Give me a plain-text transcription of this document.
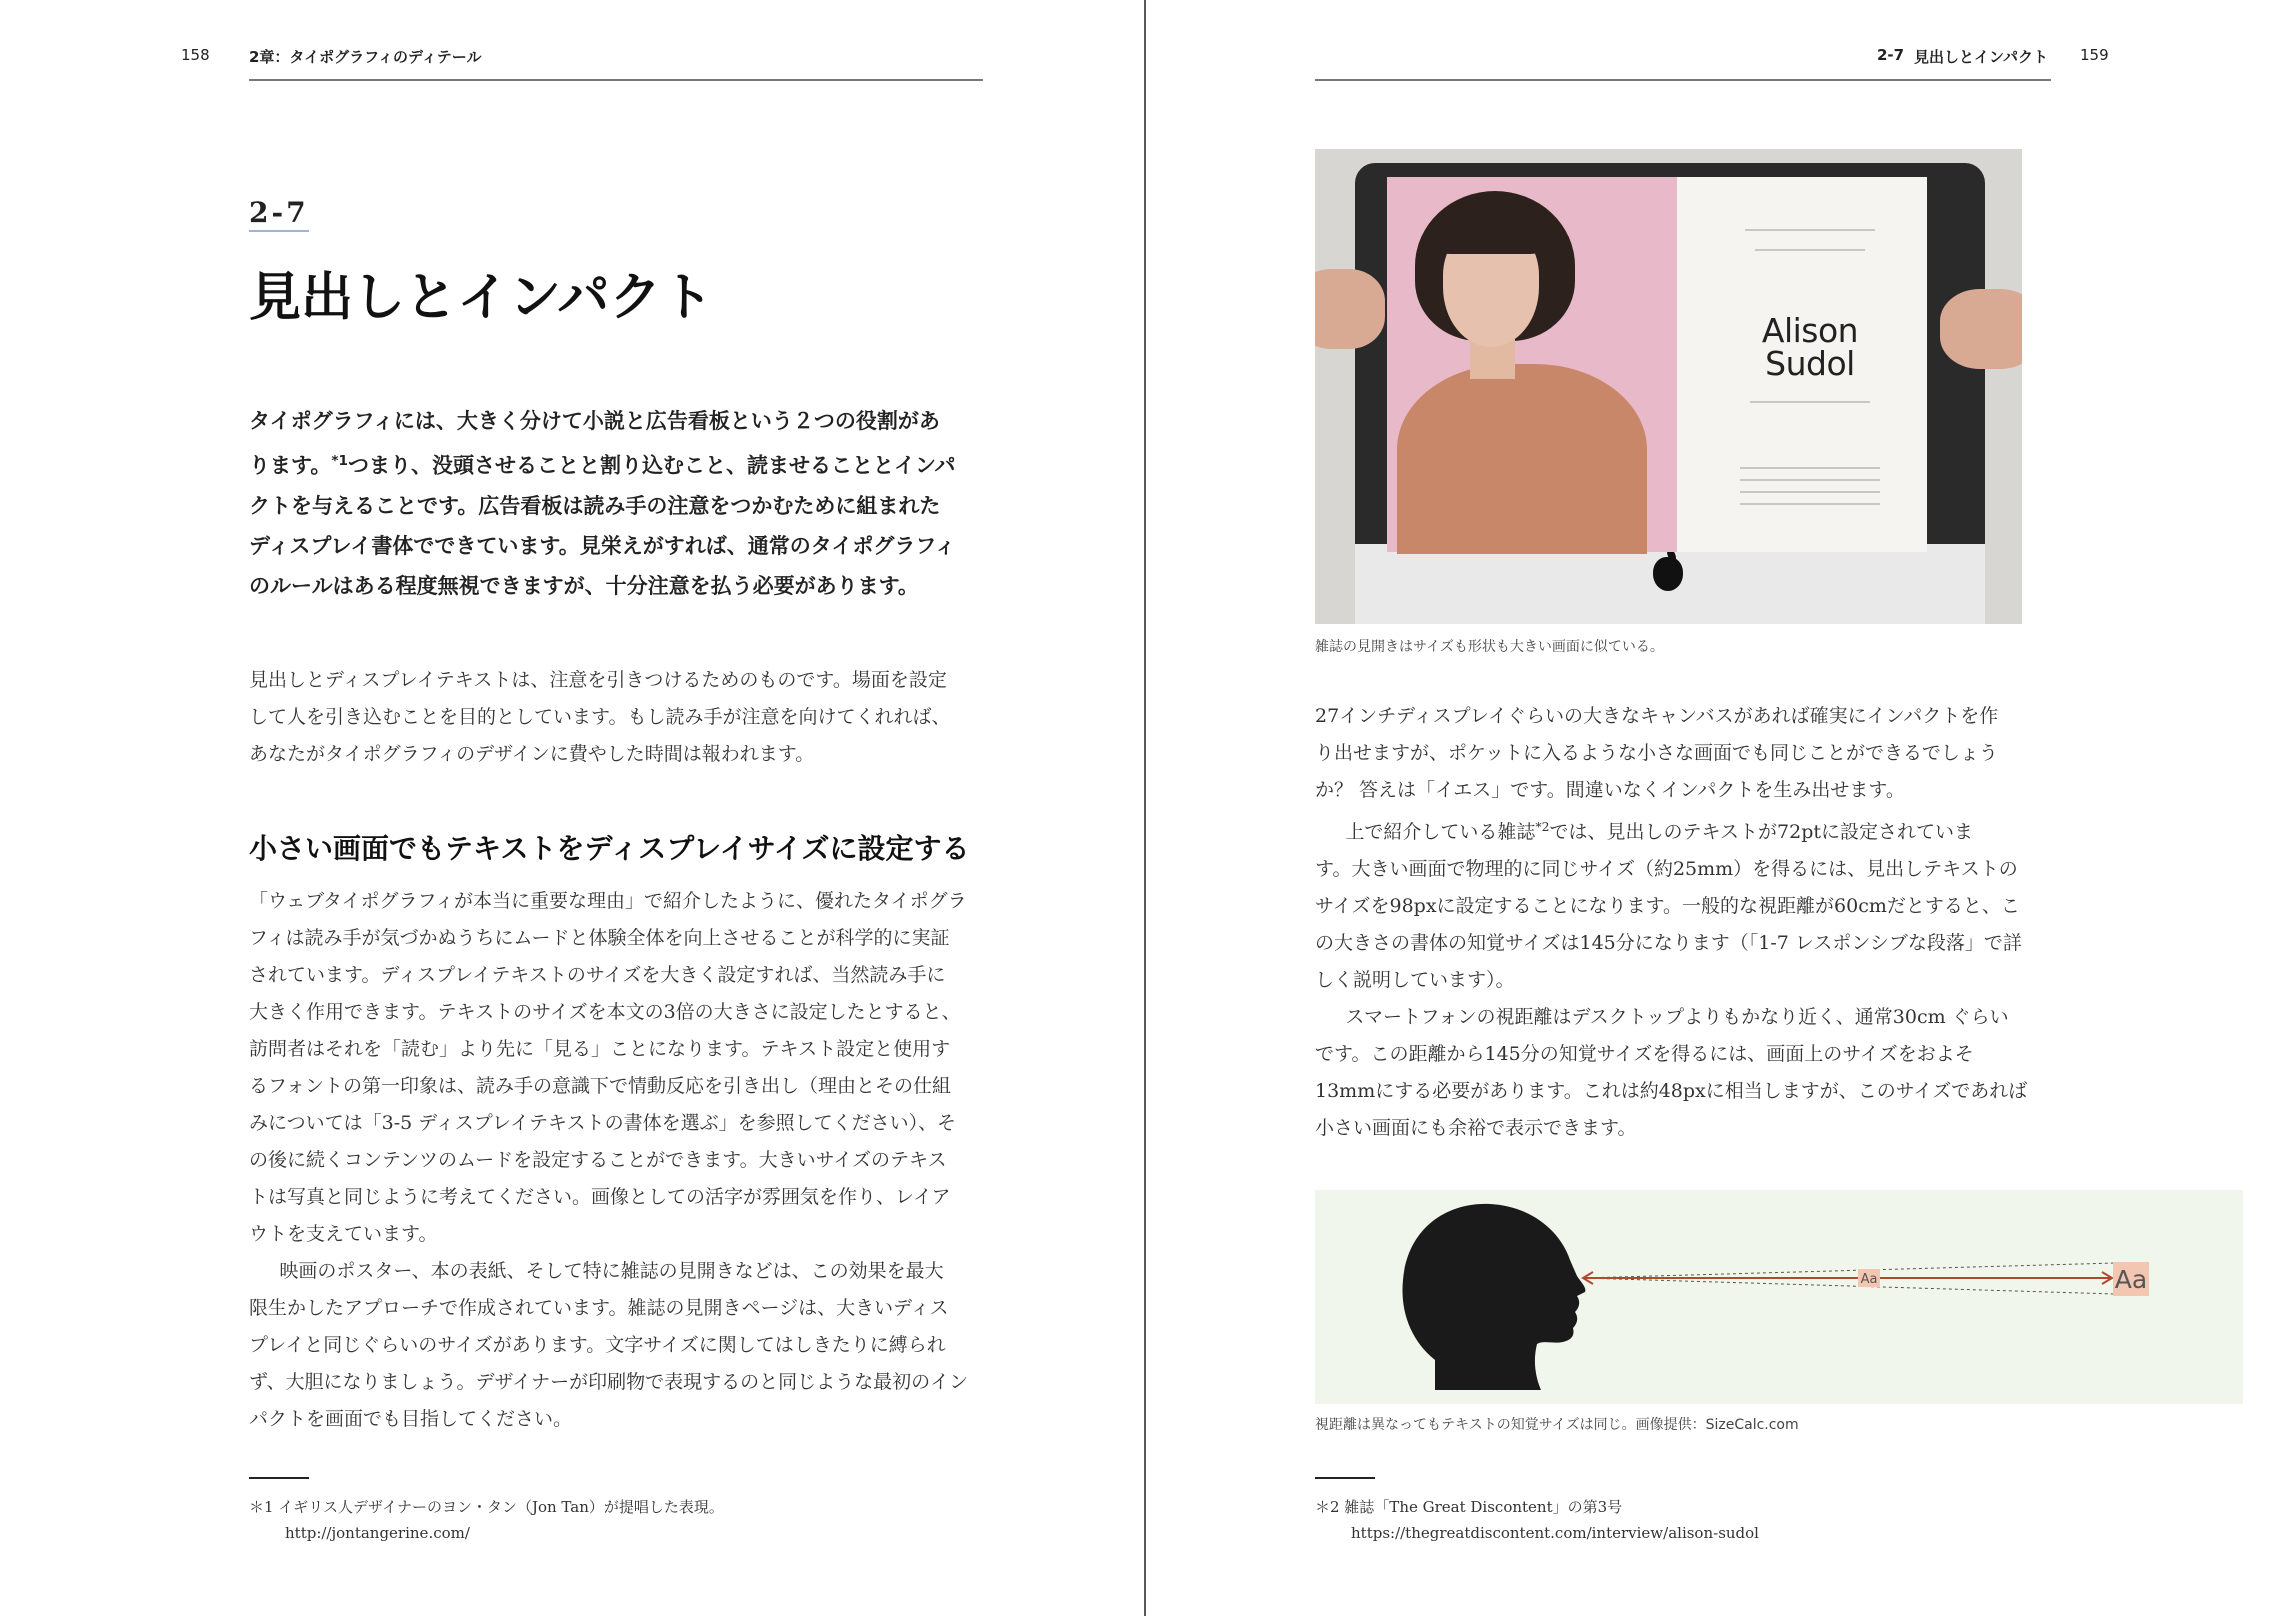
158	2章：タイポグラフィのディテール
2-7
見出しとインパクト
タイポグラフィには、大きく分けて小説と広告看板という２つの役割があ
ります。$^{*1}$つまり、没頭させることと割り込むこと、読ませることとインパ
クトを与えることです。広告看板は読み手の注意をつかむために組まれた
ディスプレイ書体でできています。見栄えがすれば、通常のタイポグラフィ
のルールはある程度無視できますが、十分注意を払う必要があります。
見出しとディスプレイテキストは、注意を引きつけるためのものです。場面を設定
して人を引き込むことを目的としています。もし読み手が注意を向けてくれれば、
あなたがタイポグラフィのデザインに費やした時間は報われます。
小さい画面でもテキストをディスプレイサイズに設定する
「ウェブタイポグラフィが本当に重要な理由」で紹介したように、優れたタイポグラ
フィは読み手が気づかぬうちにムードと体験全体を向上させることが科学的に実証
されています。ディスプレイテキストのサイズを大きく設定すれば、当然読み手に
大きく作用できます。テキストのサイズを本文の3倍の大きさに設定したとすると、
訪問者はそれを「読む」より先に「見る」ことになります。テキスト設定と使用す
るフォントの第一印象は、読み手の意識下で情動反応を引き出し（理由とその仕組
みについては「3-5 ディスプレイテキストの書体を選ぶ」を参照してください）、そ
の後に続くコンテンツのムードを設定することができます。大きいサイズのテキス
トは写真と同じように考えてください。画像としての活字が雰囲気を作り、レイア
ウトを支えています。
映画のポスター、本の表紙、そして特に雑誌の見開きなどは、この効果を最大
限生かしたアプローチで作成されています。雑誌の見開きページは、大きいディス
プレイと同じぐらいのサイズがあります。文字サイズに関してはしきたりに縛られ
ず、大胆になりましょう。デザイナーが印刷物で表現するのと同じような最初のイン
パクトを画面でも目指してください。
＊1 イギリス人デザイナーのヨン・タン（Jon Tan）が提唱した表現。
http://jontangerine.com/
2-7 見出しとインパクト 159
Alison
Sudol
雑誌の見開きはサイズも形状も大きい画面に似ている。
27インチディスプレイぐらいの大きなキャンバスがあれば確実にインパクトを作
り出せますが、ポケットに入るような小さな画面でも同じことができるでしょう
か？ 答えは「イエス」です。間違いなくインパクトを生み出せます。
上で紹介している雑誌$^{*2}$では、見出しのテキストが72ptに設定されていま
す。大きい画面で物理的に同じサイズ（約25mm）を得るには、見出しテキストの
サイズを98pxに設定することになります。一般的な視距離が60cmだとすると、こ
の大きさの書体の知覚サイズは145分になります（「1-7 レスポンシブな段落」で詳
しく説明しています）。
スマートフォンの視距離はデスクトップよりもかなり近く、通常30cm ぐらい
です。この距離から145分の知覚サイズを得るには、画面上のサイズをおよそ
13mmにする必要があります。これは約48pxに相当しますが、このサイズであれば
小さい画面にも余裕で表示できます。
Aa	Aa
視距離は異なってもテキストの知覚サイズは同じ。画像提供：SizeCalc.com
＊2 雑誌「The Great Discontent」の第3号
https://thegreatdiscontent.com/interview/alison-sudol
